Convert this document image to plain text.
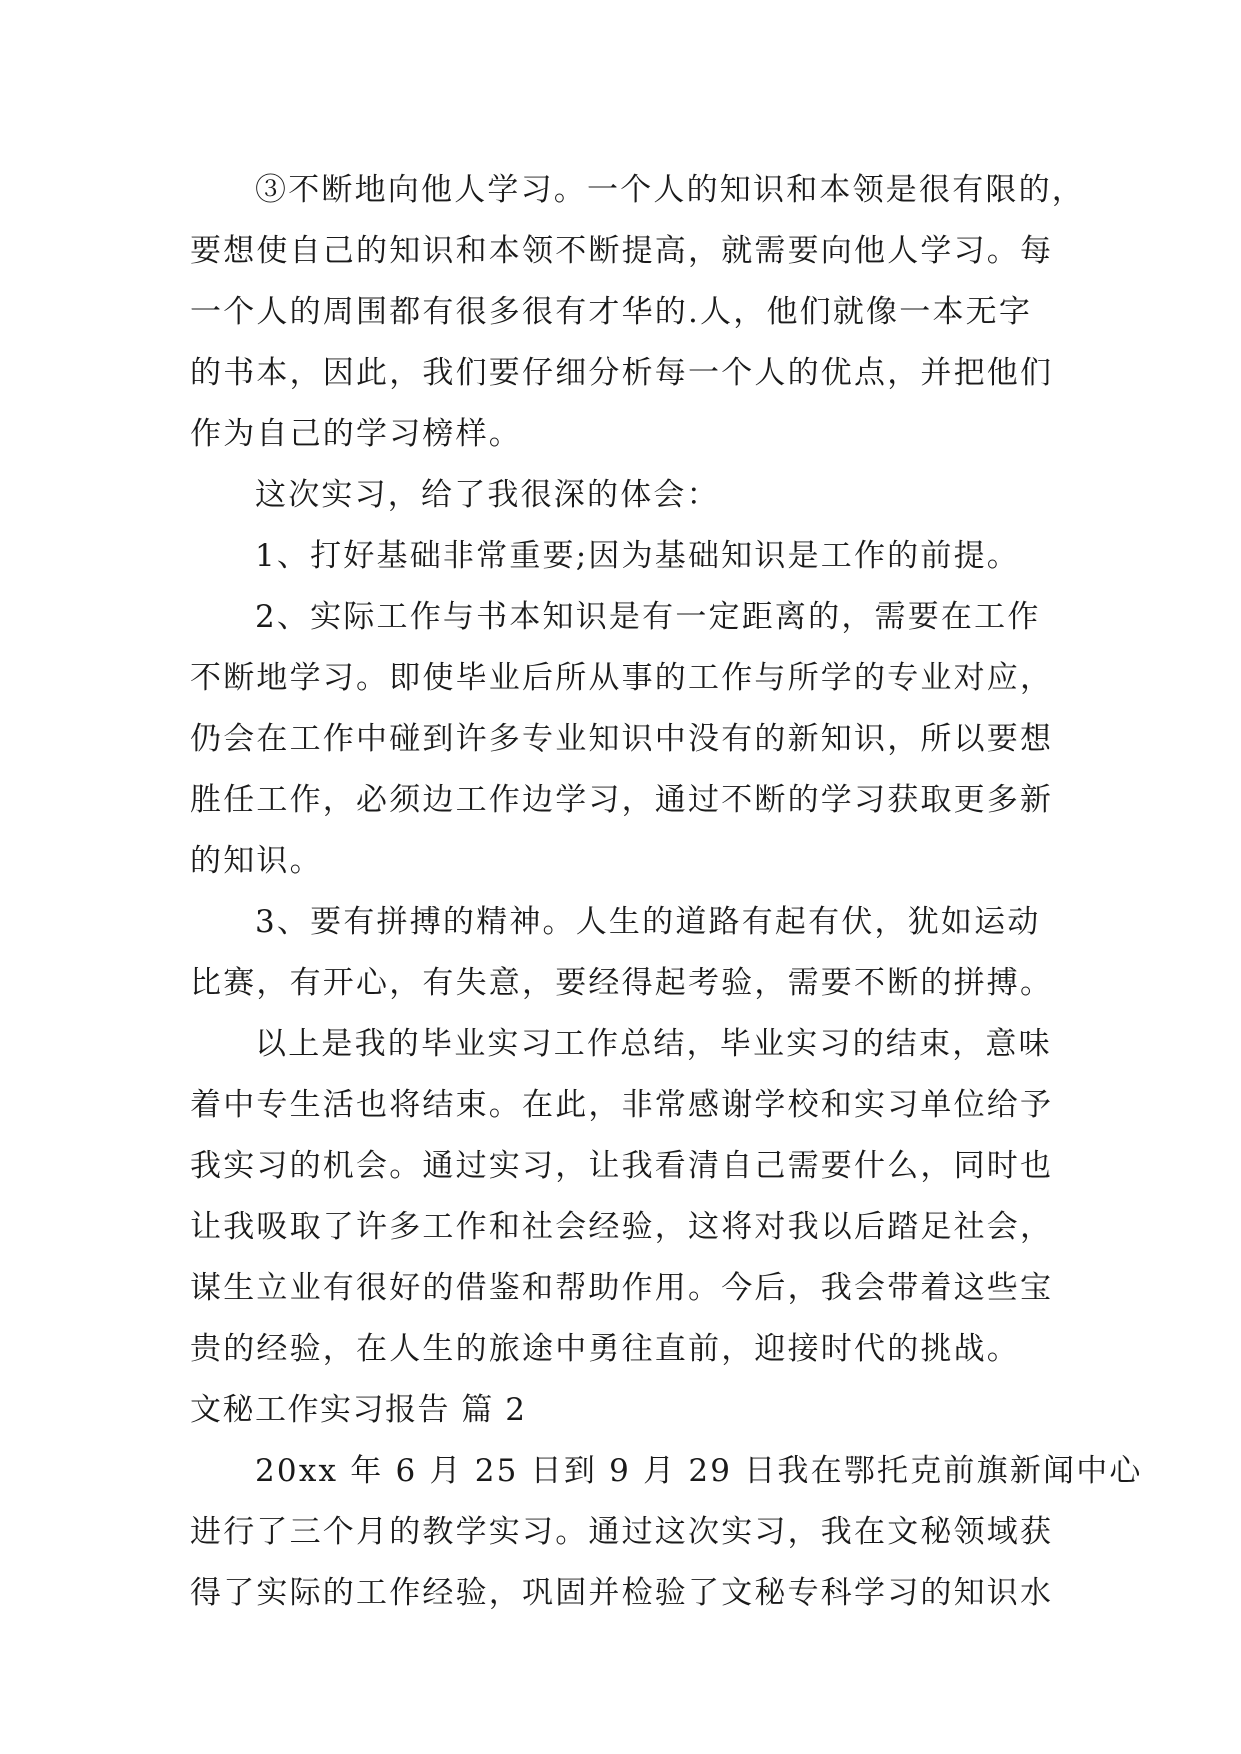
③不断地向他人学习。一个人的知识和本领是很有限的，
要想使自己的知识和本领不断提高，就需要向他人学习。每
一个人的周围都有很多很有才华的.人，他们就像一本无字
的书本，因此，我们要仔细分析每一个人的优点，并把他们
作为自己的学习榜样。
这次实习，给了我很深的体会：
1、打好基础非常重要;因为基础知识是工作的前提。
2、实际工作与书本知识是有一定距离的，需要在工作
不断地学习。即使毕业后所从事的工作与所学的专业对应，
仍会在工作中碰到许多专业知识中没有的新知识，所以要想
胜任工作，必须边工作边学习，通过不断的学习获取更多新
的知识。
3、要有拼搏的精神。人生的道路有起有伏，犹如运动
比赛，有开心，有失意，要经得起考验，需要不断的拼搏。
以上是我的毕业实习工作总结，毕业实习的结束，意味
着中专生活也将结束。在此，非常感谢学校和实习单位给予
我实习的机会。通过实习，让我看清自己需要什么，同时也
让我吸取了许多工作和社会经验，这将对我以后踏足社会，
谋生立业有很好的借鉴和帮助作用。今后，我会带着这些宝
贵的经验，在人生的旅途中勇往直前，迎接时代的挑战。
文秘工作实习报告 篇 2
20xx 年 6 月 25 日到 9 月 29 日我在鄂托克前旗新闻中心
进行了三个月的教学实习。通过这次实习，我在文秘领域获
得了实际的工作经验，巩固并检验了文秘专科学习的知识水
